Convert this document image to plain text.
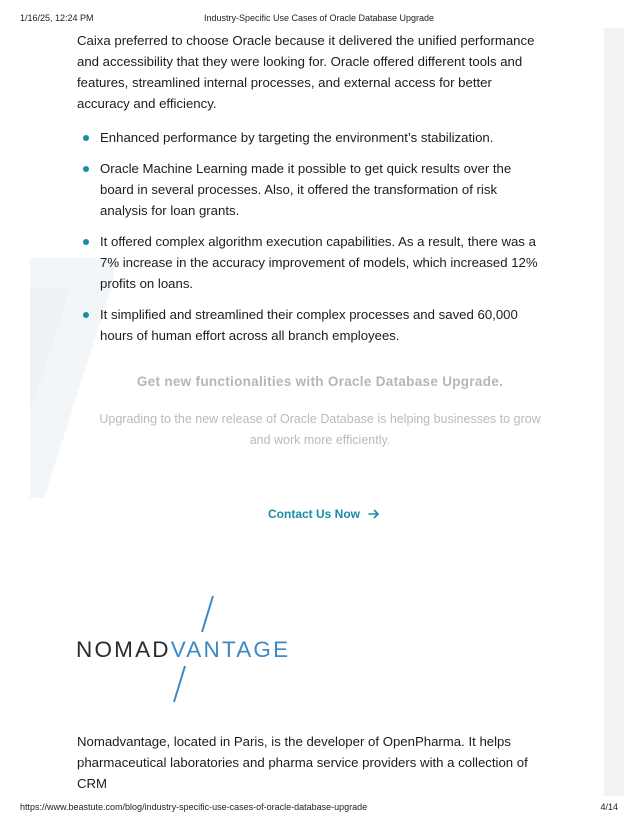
1/16/25, 12:24 PM	Industry-Specific Use Cases of Oracle Database Upgrade

Caixa preferred to choose Oracle because it delivered the unified performance and accessibility that they were looking for. Oracle offered different tools and features, streamlined internal processes, and external access for better accuracy and efficiency.

Enhanced performance by targeting the environment’s stabilization.
Oracle Machine Learning made it possible to get quick results over the board in several processes. Also, it offered the transformation of risk analysis for loan grants.
It offered complex algorithm execution capabilities. As a result, there was a 7% increase in the accuracy improvement of models, which increased 12% profits on loans.
It simplified and streamlined their complex processes and saved 60,000 hours of human effort across all branch employees.
Get new functionalities with Oracle Database Upgrade.
Upgrading to the new release of Oracle Database is helping businesses to grow and work more efficiently.
Contact Us Now
NOMADVANTAGE

Nomadvantage, located in Paris, is the developer of OpenPharma. It helps pharmaceutical laboratories and pharma service providers with a collection of CRM

https://www.beastute.com/blog/industry-specific-use-cases-of-oracle-database-upgrade	4/14
